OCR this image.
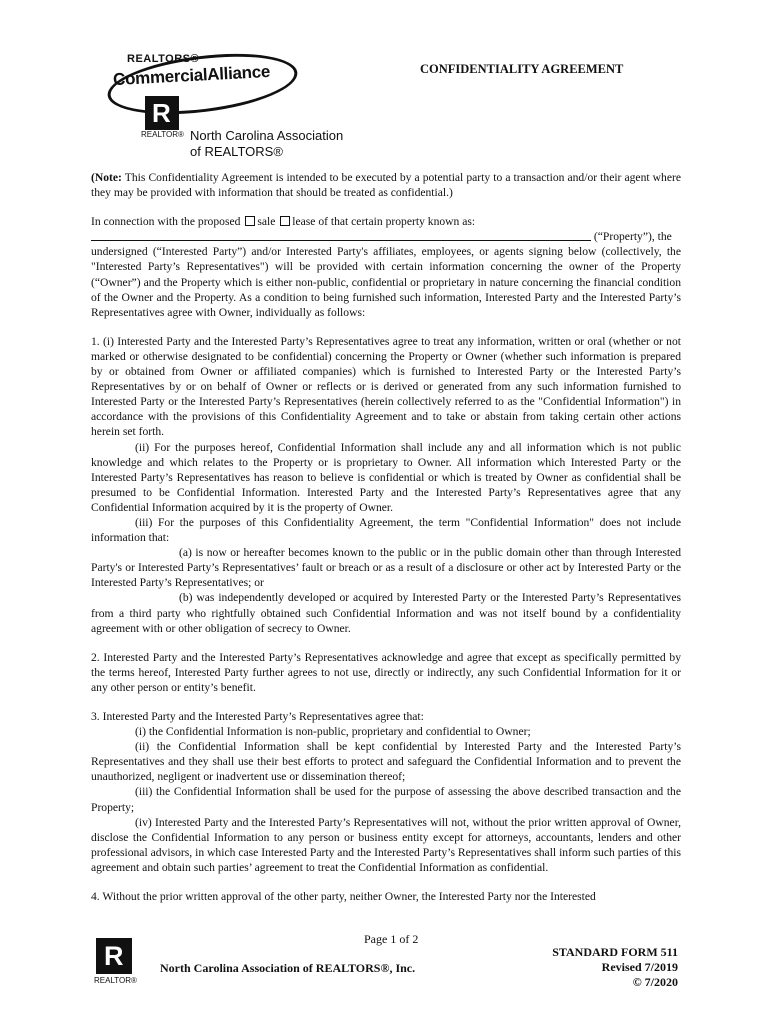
REALTORS®
CommercialAlliance
R
REALTOR® North Carolina Association
of REALTORS®
CONFIDENTIALITY AGREEMENT

(Note: This Confidentiality Agreement is intended to be executed by a potential party to a transaction and/or their agent where they may be provided with information that should be treated as confidential.)

In connection with the proposed sale lease of that certain property known as:

(“Property”), the

undersigned (“Interested Party”) and/or Interested Party's affiliates, employees, or agents signing below (collectively, the "Interested Party’s Representatives") will be provided with certain information concerning the owner of the Property (“Owner”) and the Property which is either non-public, confidential or proprietary in nature concerning the financial condition of the Owner and the Property. As a condition to being furnished such information, Interested Party and the Interested Party’s Representatives agree with Owner, individually as follows:

1. (i) Interested Party and the Interested Party’s Representatives agree to treat any information, written or oral (whether or not marked or otherwise designated to be confidential) concerning the Property or Owner (whether such information is prepared by or obtained from Owner or affiliated companies) which is furnished to Interested Party or the Interested Party’s Representatives by or on behalf of Owner or reflects or is derived or generated from any such information furnished to Interested Party or the Interested Party’s Representatives (herein collectively referred to as the "Confidential Information") in accordance with the provisions of this Confidentiality Agreement and to take or abstain from taking certain other actions herein set forth.

(ii) For the purposes hereof, Confidential Information shall include any and all information which is not public knowledge and which relates to the Property or is proprietary to Owner. All information which Interested Party or the Interested Party’s Representatives has reason to believe is confidential or which is treated by Owner as confidential shall be presumed to be Confidential Information. Interested Party and the Interested Party’s Representatives agree that any Confidential Information acquired by it is the property of Owner.

(iii) For the purposes of this Confidentiality Agreement, the term "Confidential Information" does not include information that:

(a) is now or hereafter becomes known to the public or in the public domain other than through Interested Party's or Interested Party’s Representatives’ fault or breach or as a result of a disclosure or other act by Interested Party or the Interested Party’s Representatives; or

(b) was independently developed or acquired by Interested Party or the Interested Party’s Representatives from a third party who rightfully obtained such Confidential Information and was not itself bound by a confidentiality agreement with or other obligation of secrecy to Owner.

2. Interested Party and the Interested Party’s Representatives acknowledge and agree that except as specifically permitted by the terms hereof, Interested Party further agrees to not use, directly or indirectly, any such Confidential Information for it or any other person or entity’s benefit.

3. Interested Party and the Interested Party’s Representatives agree that:

(i) the Confidential Information is non-public, proprietary and confidential to Owner;

(ii) the Confidential Information shall be kept confidential by Interested Party and the Interested Party’s Representatives and they shall use their best efforts to protect and safeguard the Confidential Information and to prevent the unauthorized, negligent or inadvertent use or dissemination thereof;

(iii) the Confidential Information shall be used for the purpose of assessing the above described transaction and the Property;

(iv) Interested Party and the Interested Party’s Representatives will not, without the prior written approval of Owner, disclose the Confidential Information to any person or business entity except for attorneys, accountants, lenders and other professional advisors, in which case Interested Party and the Interested Party’s Representatives shall inform such parties of this agreement and obtain such parties’ agreement to treat the Confidential Information as confidential.

4. Without the prior written approval of the other party, neither Owner, the Interested Party nor the Interested

Page 1 of 2
R
REALTOR®
North Carolina Association of REALTORS®, Inc.
STANDARD FORM 511
Revised 7/2019
© 7/2020
